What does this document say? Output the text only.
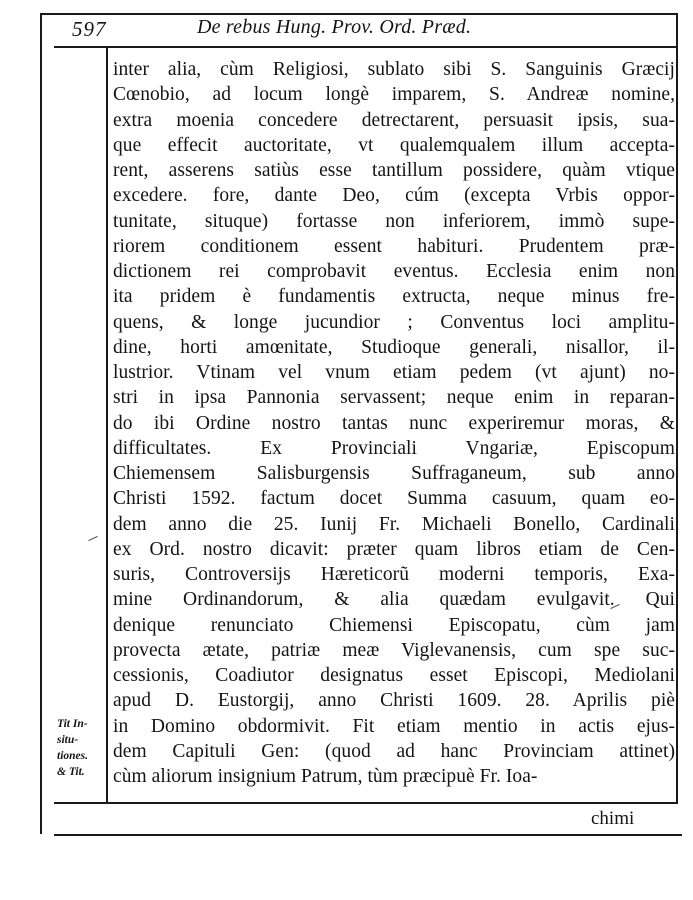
597	De rebus Hung. Prov. Ord. Præd.
inter alia, cùm Religiosi, sublato sibi S. Sanguinis Græcij
Cœnobio, ad locum longè imparem, S. Andreæ nomine,
extra moenia concedere detrectarent, persuasit ipsis, sua-
que effecit auctoritate, vt qualemqualem illum accepta-
rent, asserens satiùs esse tantillum possidere, quàm vtique
excedere. fore, dante Deo, cúm (excepta Vrbis oppor-
tunitate, situque) fortasse non inferiorem, immò supe-
riorem conditionem essent habituri. Prudentem præ-
dictionem rei comprobavit eventus. Ecclesia enim non
ita pridem è fundamentis extructa, neque minus fre-
quens, & longe jucundior ; Conventus loci amplitu-
dine, horti amœnitate, Studioque generali, nisallor, il-
lustrior. Vtinam vel vnum etiam pedem (vt ajunt) no-
stri in ipsa Pannonia servassent; neque enim in reparan-
do ibi Ordine nostro tantas nunc experiremur moras, &
difficultates. Ex Provinciali Vngariæ, Episcopum
Chiemensem Salisburgensis Suffraganeum, sub anno
Christi 1592. factum docet Summa casuum, quam eo-
dem anno die 25. Iunij Fr. Michaeli Bonello, Cardinali
ex Ord. nostro dicavit: præter quam libros etiam de Cen-
suris, Controversijs Hæreticorũ moderni temporis, Exa-
mine Ordinandorum, & alia quædam evulgavit. Qui
denique renunciato Chiemensi Episcopatu, cùm jam
provecta ætate, patriæ meæ Viglevanensis, cum spe suc-
cessionis, Coadiutor designatus esset Episcopi, Mediolani
apud D. Eustorgij, anno Christi 1609. 28. Aprilis piè
in Domino obdormivit. Fit etiam mentio in actis ejus-
dem Capituli Gen: (quod ad hanc Provinciam attinet)
cùm aliorum insignium Patrum, tùm præcipuè Fr. Ioa-
Tit In-
situ-
tiones.
& Tit.
chimi
